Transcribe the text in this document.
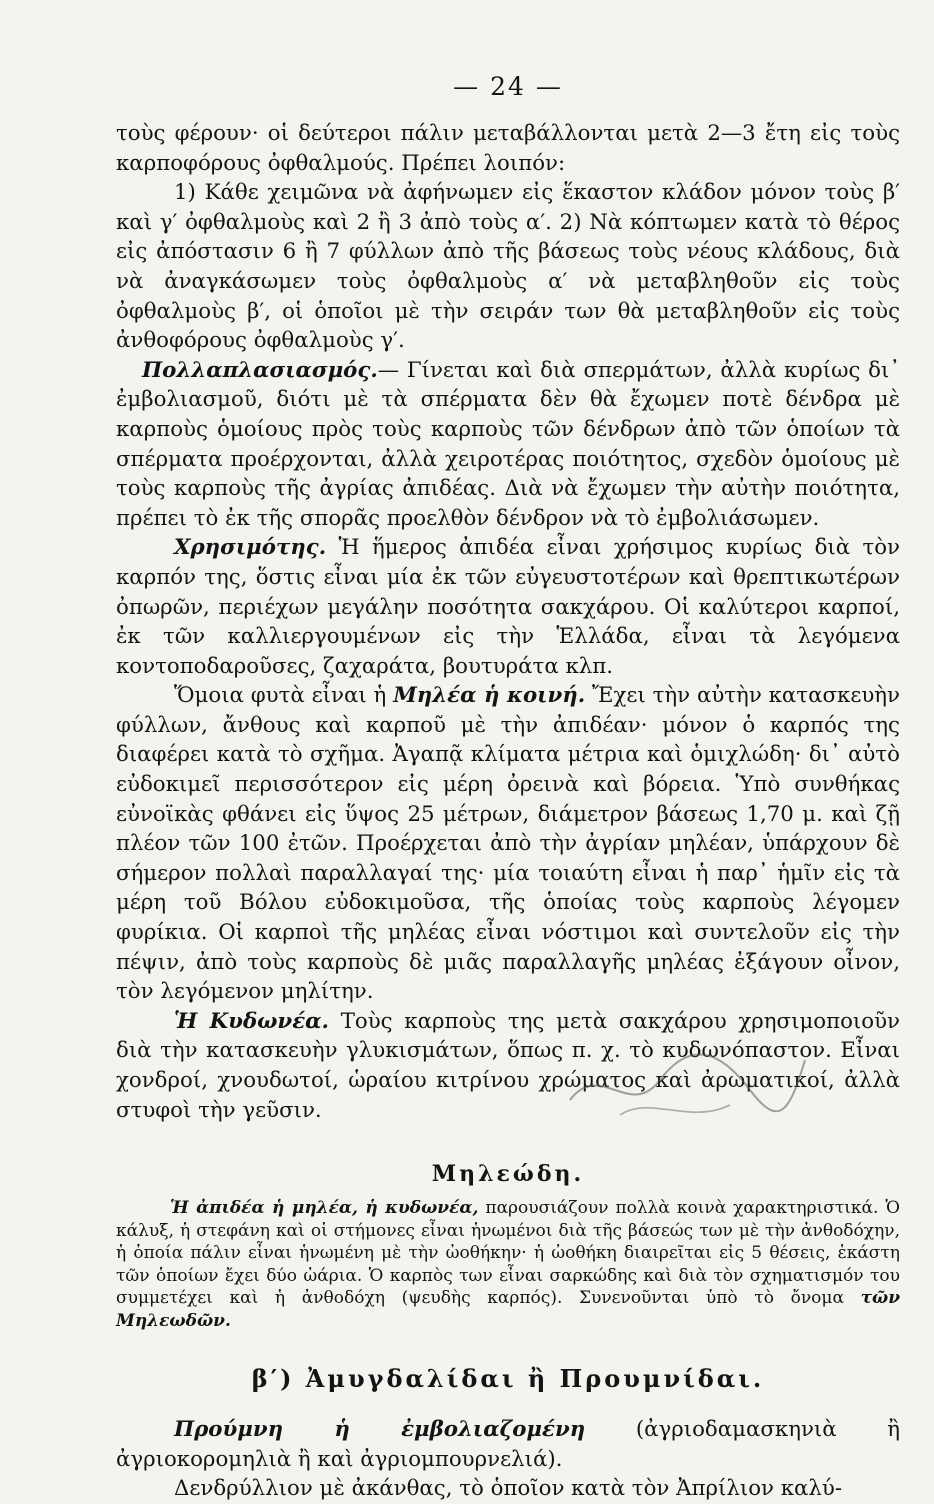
— 24 —

τοὺς φέρουν· οἱ δεύτεροι πάλιν μεταβάλλονται μετὰ 2—3 ἔτη εἰς τοὺς καρποφόρους ὀφθαλμούς. Πρέπει λοιπόν:

1) Κάθε χειμῶνα νὰ ἀφήνωμεν εἰς ἕκαστον κλάδον μόνον τοὺς β′ καὶ γ′ ὀφθαλμοὺς καὶ 2 ἢ 3 ἀπὸ τοὺς α′. 2) Νὰ κόπτωμεν κατὰ τὸ θέρος εἰς ἀπόστασιν 6 ἢ 7 φύλλων ἀπὸ τῆς βάσεως τοὺς νέους κλάδους, διὰ νὰ ἀναγκάσωμεν τοὺς ὀφθαλμοὺς α′ νὰ μεταβληθοῦν εἰς τοὺς ὀφθαλμοὺς β′, οἱ ὁποῖοι μὲ τὴν σειράν των θὰ μεταβληθοῦν εἰς τοὺς ἀνθοφόρους ὀφθαλμοὺς γ′.

Πολλαπλασιασμός.— Γίνεται καὶ διὰ σπερμάτων, ἀλλὰ κυρίως δι᾽ ἐμβολιασμοῦ, διότι μὲ τὰ σπέρματα δὲν θὰ ἔχωμεν ποτὲ δένδρα μὲ καρποὺς ὁμοίους πρὸς τοὺς καρποὺς τῶν δένδρων ἀπὸ τῶν ὁποίων τὰ σπέρματα προέρχονται, ἀλλὰ χειροτέρας ποιότητος, σχεδὸν ὁμοίους μὲ τοὺς καρποὺς τῆς ἀγρίας ἀπιδέας. Διὰ νὰ ἔχωμεν τὴν αὐτὴν ποιότητα, πρέπει τὸ ἐκ τῆς σπορᾶς προελθὸν δένδρον νὰ τὸ ἐμβολιάσωμεν.

Χρησιμότης. Ἡ ἥμερος ἀπιδέα εἶναι χρήσιμος κυρίως διὰ τὸν καρπόν της, ὅστις εἶναι μία ἐκ τῶν εὐγευστοτέρων καὶ θρεπτικωτέρων ὀπωρῶν, περιέχων μεγάλην ποσότητα σακχάρου. Οἱ καλύτεροι καρποί, ἐκ τῶν καλλιεργουμένων εἰς τὴν Ἑλλάδα, εἶναι τὰ λεγόμενα κοντοποδαροῦσες, ζαχαράτα, βουτυράτα κλπ.

Ὅμοια φυτὰ εἶναι ἡ Μηλέα ἡ κοινή. Ἔχει τὴν αὐτὴν κατασκευὴν φύλλων, ἄνθους καὶ καρποῦ μὲ τὴν ἀπιδέαν· μόνον ὁ καρπός της διαφέρει κατὰ τὸ σχῆμα. Ἀγαπᾷ κλίματα μέτρια καὶ ὁμιχλώδη· δι᾽ αὐτὸ εὐδοκιμεῖ περισσότερον εἰς μέρη ὀρεινὰ καὶ βόρεια. Ὑπὸ συνθήκας εὐνοϊκὰς φθάνει εἰς ὕψος 25 μέτρων, διάμετρον βάσεως 1,70 μ. καὶ ζῇ πλέον τῶν 100 ἐτῶν. Προέρχεται ἀπὸ τὴν ἀγρίαν μηλέαν, ὑπάρχουν δὲ σήμερον πολλαὶ παραλλαγαί της· μία τοιαύτη εἶναι ἡ παρ᾽ ἡμῖν εἰς τὰ μέρη τοῦ Βόλου εὐδοκιμοῦσα, τῆς ὁποίας τοὺς καρποὺς λέγομεν φυρίκια. Οἱ καρποὶ τῆς μηλέας εἶναι νόστιμοι καὶ συντελοῦν εἰς τὴν πέψιν, ἀπὸ τοὺς καρποὺς δὲ μιᾶς παραλλαγῆς μηλέας ἐξάγουν οἶνον, τὸν λεγόμενον μηλίτην.

Ἡ Κυδωνέα. Τοὺς καρποὺς της μετὰ σακχάρου χρησιμοποιοῦν διὰ τὴν κατασκευὴν γλυκισμάτων, ὅπως π. χ. τὸ κυδωνόπαστον. Εἶναι χονδροί, χνουδωτοί, ὡραίου κιτρίνου χρώματος καὶ ἀρωματικοί, ἀλλὰ στυφοὶ τὴν γεῦσιν.

Μηλεώδη.

Ἡ ἀπιδέα ἡ μηλέα, ἡ κυδωνέα, παρουσιάζουν πολλὰ κοινὰ χαρακτηριστικά. Ὁ κάλυξ, ἡ στεφάνη καὶ οἱ στήμονες εἶναι ἡνωμένοι διὰ τῆς βάσεώς των μὲ τὴν ἀνθοδόχην, ἡ ὁποία πάλιν εἶναι ἡνωμένη μὲ τὴν ὠοθήκην· ἡ ὠοθήκη διαιρεῖται εἰς 5 θέσεις, ἑκάστη τῶν ὁποίων ἔχει δύο ὠάρια. Ὁ καρπὸς των εἶναι σαρκώδης καὶ διὰ τὸν σχηματισμόν του συμμετέχει καὶ ἡ ἀνθοδόχη (ψευδὴς καρπός). Συνενοῦνται ὑπὸ τὸ ὄνομα τῶν Μηλεωδῶν.

β′) Ἀμυγδαλίδαι ἢ Προυμνίδαι.

Προύμνη ἡ ἐμβολιαζομένη (ἀγριοδαμασκηνιὰ ἢ ἀγριοκορομηλιὰ ἢ καὶ ἀγριομπουρνελιά).

Δενδρύλλιον μὲ ἀκάνθας, τὸ ὁποῖον κατὰ τὸν Ἀπρίλιον καλύ-
